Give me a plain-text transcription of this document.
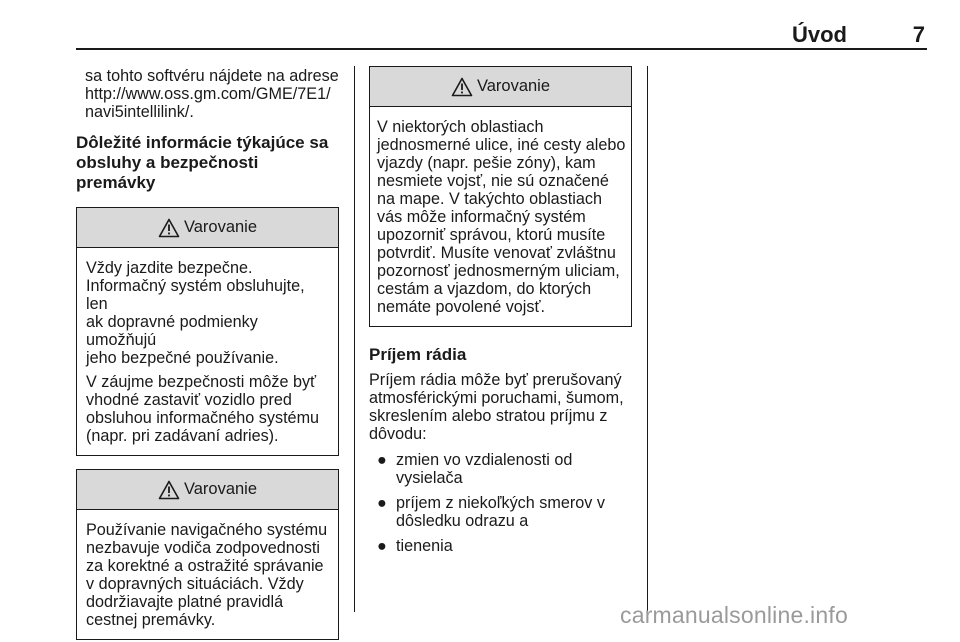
Úvod	7

sa tohto softvéru nájdete na adrese

http://www.oss.gm.com/GME/7E1/

navi5intellilink/.

Dôležité informácie týkajúce sa
obsluhy a bezpečnosti premávky
Varovanie

Vždy jazdite bezpečne.
Informačný systém obsluhujte, len
ak dopravné podmienky umožňujú
jeho bezpečné používanie.

V záujme bezpečnosti môže byť
vhodné zastaviť vozidlo pred
obsluhou informačného systému
(napr. pri zadávaní adries).

Varovanie

Používanie navigačného systému
nezbavuje vodiča zodpovednosti
za korektné a ostražité správanie
v dopravných situáciách. Vždy
dodržiavajte platné pravidlá
cestnej premávky.

Varovanie

V niektorých oblastiach
jednosmerné ulice, iné cesty alebo
vjazdy (napr. pešie zóny), kam
nesmiete vojsť, nie sú označené
na mape. V takýchto oblastiach
vás môže informačný systém
upozorniť správou, ktorú musíte
potvrdiť. Musíte venovať zvláštnu
pozornosť jednosmerným uliciam,
cestám a vjazdom, do ktorých
nemáte povolené vojsť.

Príjem rádia

Príjem rádia môže byť prerušovaný
atmosférickými poruchami, šumom,
skreslením alebo stratou príjmu z
dôvodu:

● zmien vo vzdialenosti od
vysielača
● príjem z niekoľkých smerov v
dôsledku odrazu a
● tienenia
carmanualsonline.info
